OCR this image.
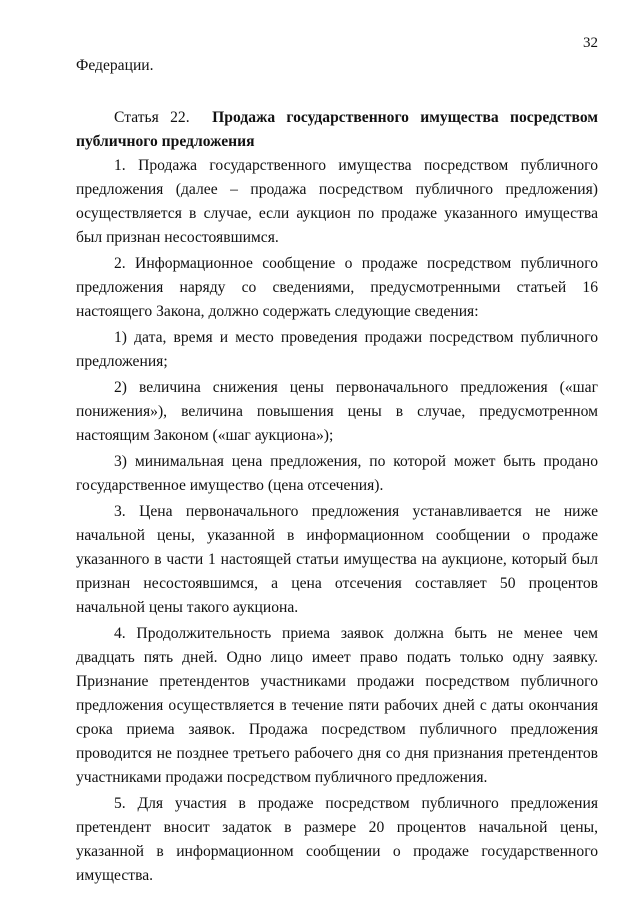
32

Федерации.

Статья 22. Продажа государственного имущества посредством публичного предложения

1. Продажа государственного имущества посредством публичного предложения (далее – продажа посредством публичного предложения) осуществляется в случае, если аукцион по продаже указанного имущества был признан несостоявшимся.

2. Информационное сообщение о продаже посредством публичного предложения наряду со сведениями, предусмотренными статьей 16 настоящего Закона, должно содержать следующие сведения:

1) дата, время и место проведения продажи посредством публичного предложения;

2) величина снижения цены первоначального предложения («шаг понижения»), величина повышения цены в случае, предусмотренном настоящим Законом («шаг аукциона»);

3) минимальная цена предложения, по которой может быть продано государственное имущество (цена отсечения).

3. Цена первоначального предложения устанавливается не ниже начальной цены, указанной в информационном сообщении о продаже указанного в части 1 настоящей статьи имущества на аукционе, который был признан несостоявшимся, а цена отсечения составляет 50 процентов начальной цены такого аукциона.

4. Продолжительность приема заявок должна быть не менее чем двадцать пять дней. Одно лицо имеет право подать только одну заявку. Признание претендентов участниками продажи посредством публичного предложения осуществляется в течение пяти рабочих дней с даты окончания срока приема заявок. Продажа посредством публичного предложения проводится не позднее третьего рабочего дня со дня признания претендентов участниками продажи посредством публичного предложения.

5. Для участия в продаже посредством публичного предложения претендент вносит задаток в размере 20 процентов начальной цены, указанной в информационном сообщении о продаже государственного имущества.
